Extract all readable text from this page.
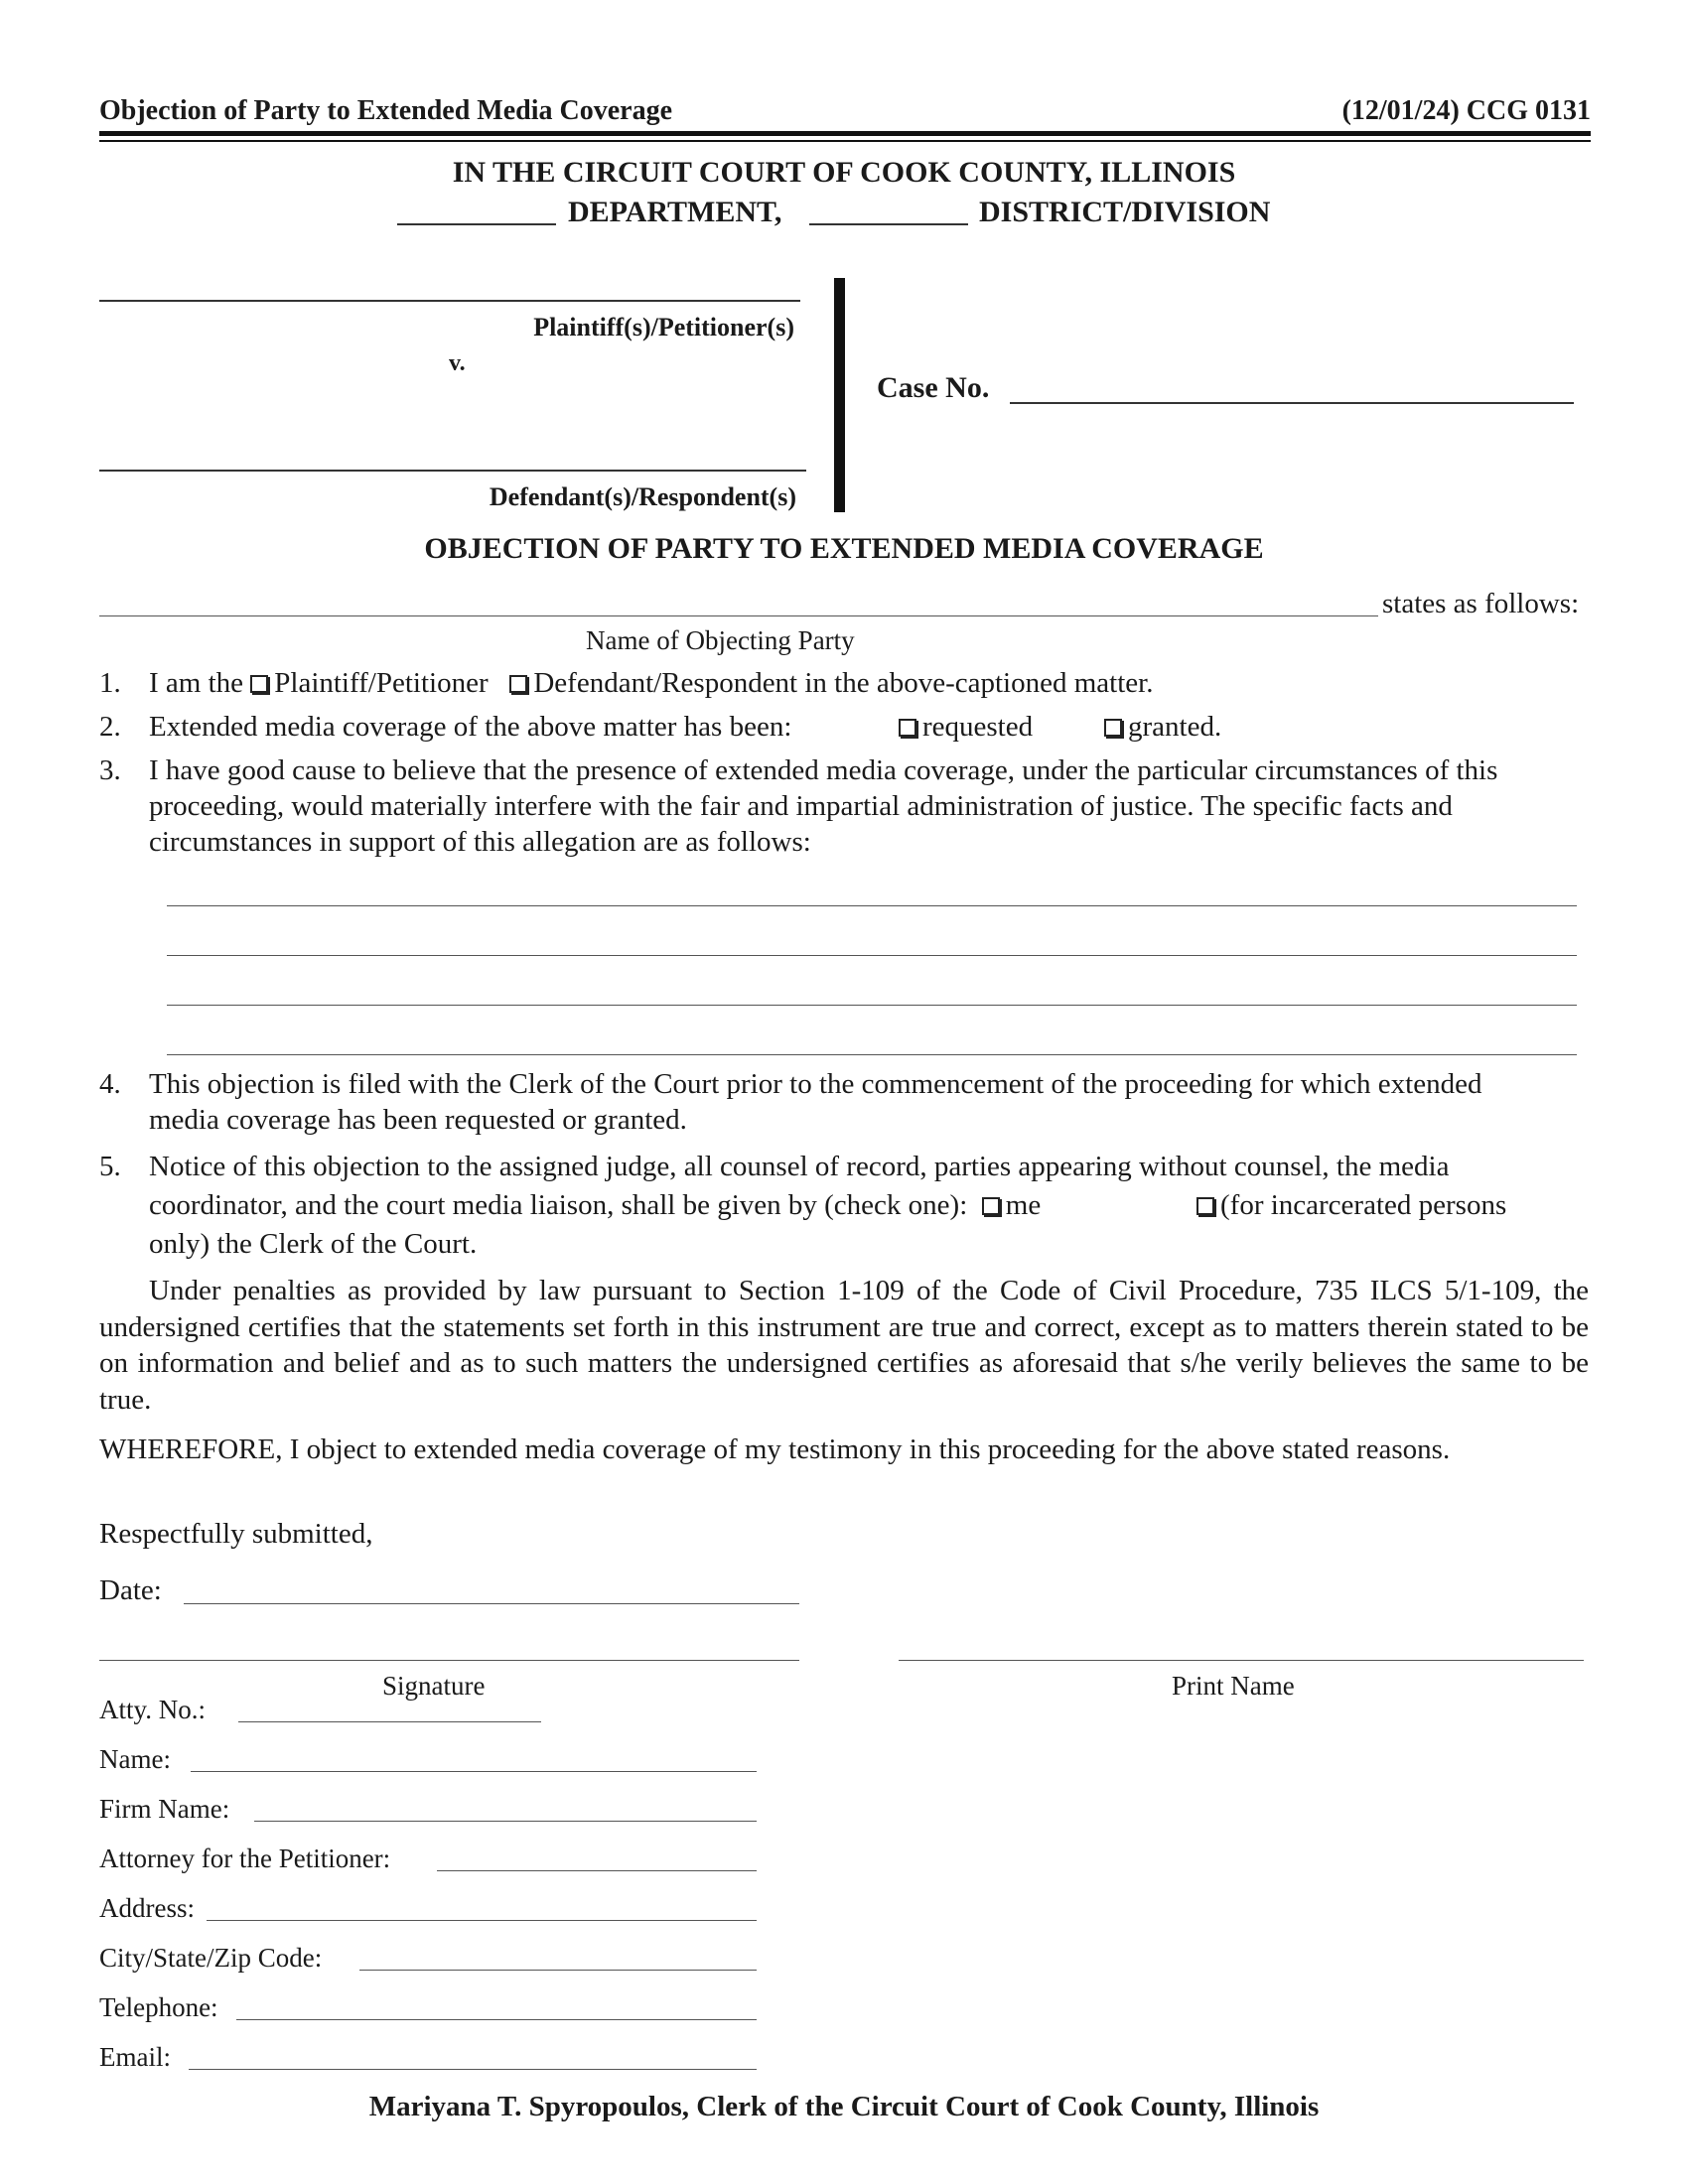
Objection of Party to Extended Media Coverage	(12/01/24) CCG 0131
IN THE CIRCUIT COURT OF COOK COUNTY, ILLINOIS
DEPARTMENT,	DISTRICT/DIVISION
Plaintiff(s)/Petitioner(s)
v.
Defendant(s)/Respondent(s)
Case No.
OBJECTION OF PARTY TO EXTENDED MEDIA COVERAGE
states as follows:
Name of Objecting Party
1. I am the Plaintiff/Petitioner Defendant/Respondent in the above-captioned matter.
2. Extended media coverage of the above matter has been:	requested	granted.
3. I have good cause to believe that the presence of extended media coverage, under the particular circumstances of this proceeding, would materially interfere with the fair and impartial administration of justice. The specific facts and circumstances in support of this allegation are as follows:
4. This objection is filed with the Clerk of the Court prior to the commencement of the proceeding for which extended media coverage has been requested or granted.
5. Notice of this objection to the assigned judge, all counsel of record, parties appearing without counsel, the media
coordinator, and the court media liaison, shall be given by (check one): me	(for incarcerated persons
only) the Clerk of the Court.
Under penalties as provided by law pursuant to Section 1-109 of the Code of Civil Procedure, 735 ILCS 5/1-109, the undersigned certifies that the statements set forth in this instrument are true and correct, except as to matters therein stated to be on information and belief and as to such matters the undersigned certifies as aforesaid that s/he verily believes the same to be true.
WHEREFORE, I object to extended media coverage of my testimony in this proceeding for the above stated reasons.
Respectfully submitted,
Date:
Signature	Print Name
Atty. No.:
Name:
Firm Name:
Attorney for the Petitioner:
Address:
City/State/Zip Code:
Telephone:
Email:
Mariyana T. Spyropoulos, Clerk of the Circuit Court of Cook County, Illinois
